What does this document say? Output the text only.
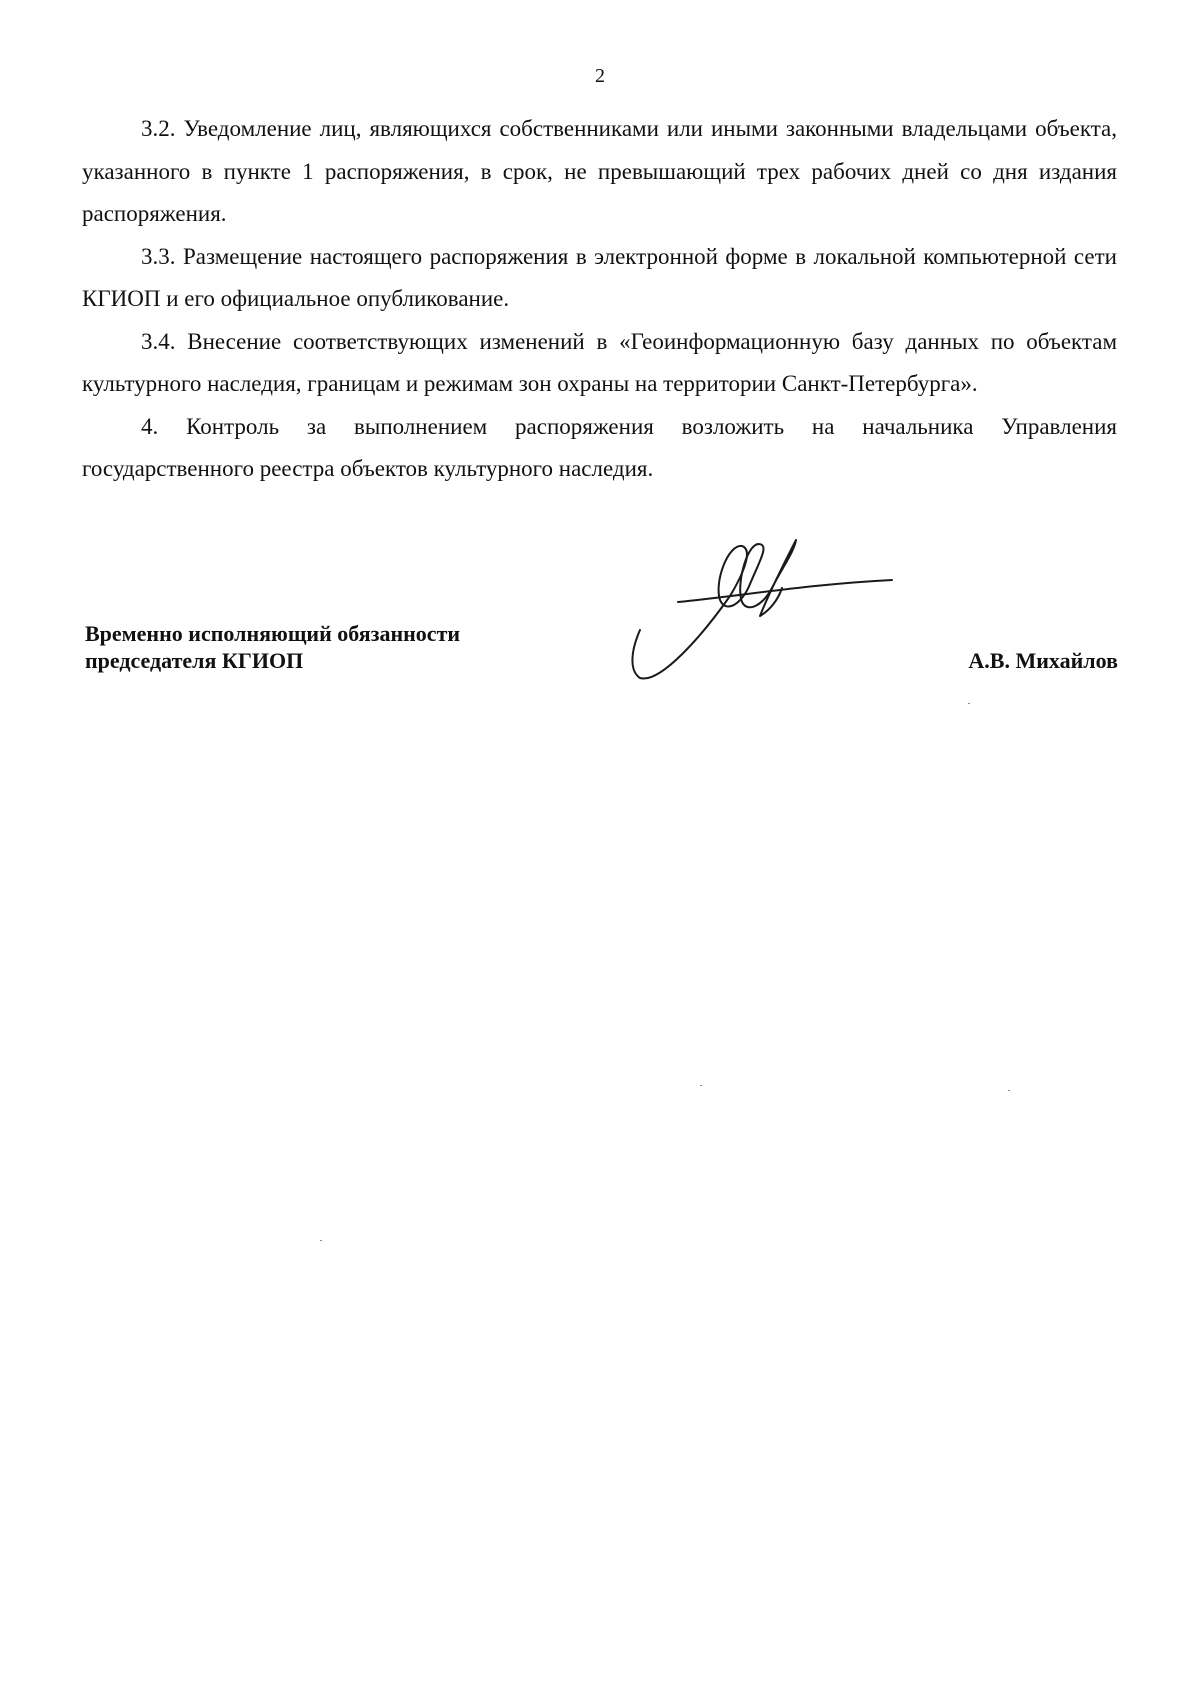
2

3.2. Уведомление лиц, являющихся собственниками или иными законными владельцами объекта, указанного в пункте 1 распоряжения, в срок, не превышающий трех рабочих дней со дня издания распоряжения.

3.3. Размещение настоящего распоряжения в электронной форме в локальной компьютерной сети КГИОП и его официальное опубликование.

3.4. Внесение соответствующих изменений в «Геоинформационную базу данных по объектам культурного наследия, границам и режимам зон охраны на территории Санкт-Петербурга».

4. Контроль за выполнением распоряжения возложить на начальника Управления государственного реестра объектов культурного наследия.

Временно исполняющий обязанности
председателя КГИОП	А.В. Михайлов
